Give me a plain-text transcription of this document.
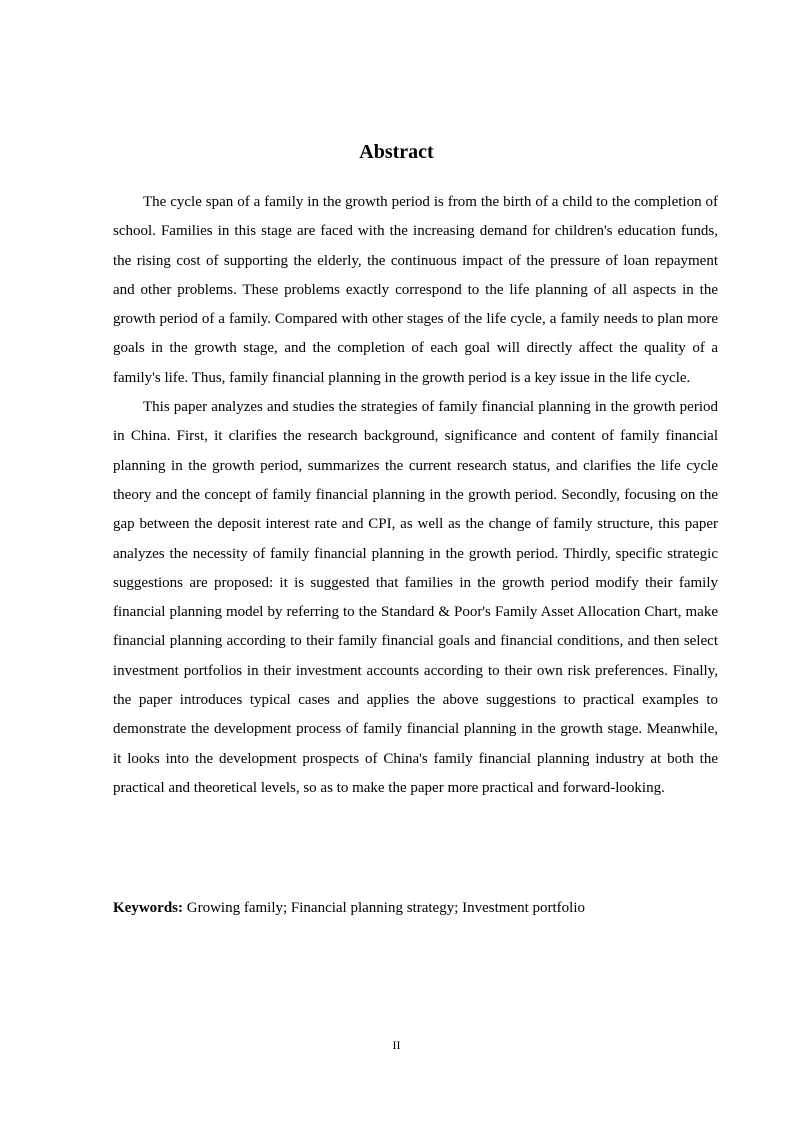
Abstract

The cycle span of a family in the growth period is from the birth of a child to the completion of school. Families in this stage are faced with the increasing demand for children's education funds, the rising cost of supporting the elderly, the continuous impact of the pressure of loan repayment and other problems. These problems exactly correspond to the life planning of all aspects in the growth period of a family. Compared with other stages of the life cycle, a family needs to plan more goals in the growth stage, and the completion of each goal will directly affect the quality of a family's life. Thus, family financial planning in the growth period is a key issue in the life cycle.

This paper analyzes and studies the strategies of family financial planning in the growth period in China. First, it clarifies the research background, significance and content of family financial planning in the growth period, summarizes the current research status, and clarifies the life cycle theory and the concept of family financial planning in the growth period. Secondly, focusing on the gap between the deposit interest rate and CPI, as well as the change of family structure, this paper analyzes the necessity of family financial planning in the growth period. Thirdly, specific strategic suggestions are proposed: it is suggested that families in the growth period modify their family financial planning model by referring to the Standard & Poor's Family Asset Allocation Chart, make financial planning according to their family financial goals and financial conditions, and then select investment portfolios in their investment accounts according to their own risk preferences. Finally, the paper introduces typical cases and applies the above suggestions to practical examples to demonstrate the development process of family financial planning in the growth stage. Meanwhile, it looks into the development prospects of China's family financial planning industry at both the practical and theoretical levels, so as to make the paper more practical and forward-looking.

Keywords: Growing family; Financial planning strategy; Investment portfolio

II
